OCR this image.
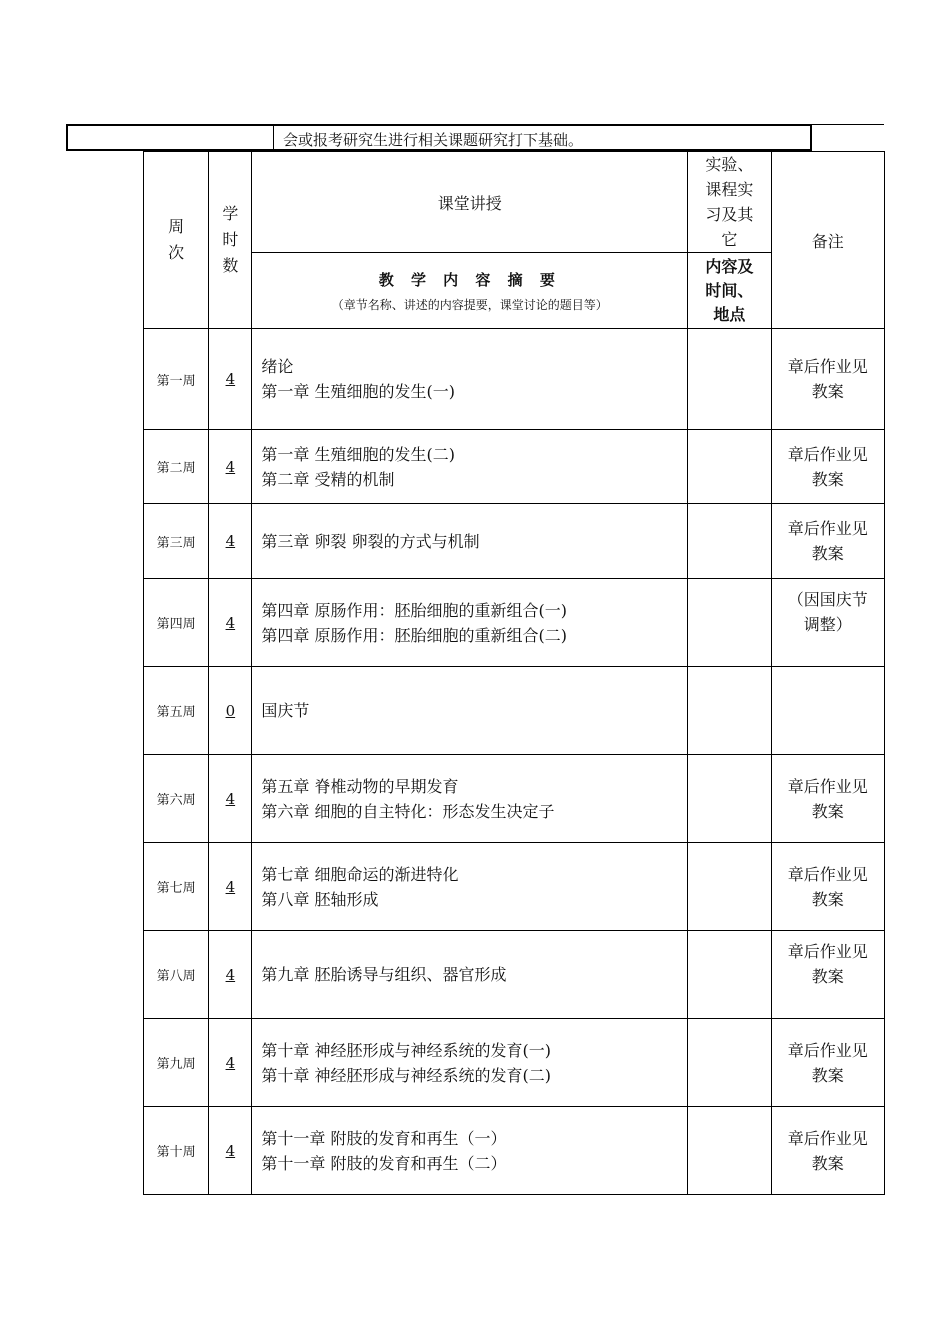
会或报考研究生进行相关课题研究打下基础。
周
次	学
时
数	课堂讲授	实验、
课程实
习及其
它	备注

		教 学 内 容 摘 要
（章节名称、讲述的内容提要，课堂讨论的题目等）	内容及
时间、
地点	

第一周	4	绪论
第一章 生殖细胞的发生(一)		章后作业见
教案

第二周	4	第一章 生殖细胞的发生(二)
第二章 受精的机制		章后作业见
教案

第三周	4	第三章 卵裂 卵裂的方式与机制		章后作业见
教案

第四周	4	第四章 原肠作用：胚胎细胞的重新组合(一)
第四章 原肠作用：胚胎细胞的重新组合(二)		（因国庆节
调整）

第五周	0	国庆节		

第六周	4	第五章 脊椎动物的早期发育
第六章 细胞的自主特化：形态发生决定子		章后作业见
教案

第七周	4	第七章 细胞命运的渐进特化
第八章 胚轴形成		章后作业见
教案

第八周	4	第九章 胚胎诱导与组织、器官形成		章后作业见
教案

第九周	4	第十章 神经胚形成与神经系统的发育(一)
第十章 神经胚形成与神经系统的发育(二)		章后作业见
教案

第十周	4	第十一章 附肢的发育和再生（一）
第十一章 附肢的发育和再生（二）		章后作业见
教案
